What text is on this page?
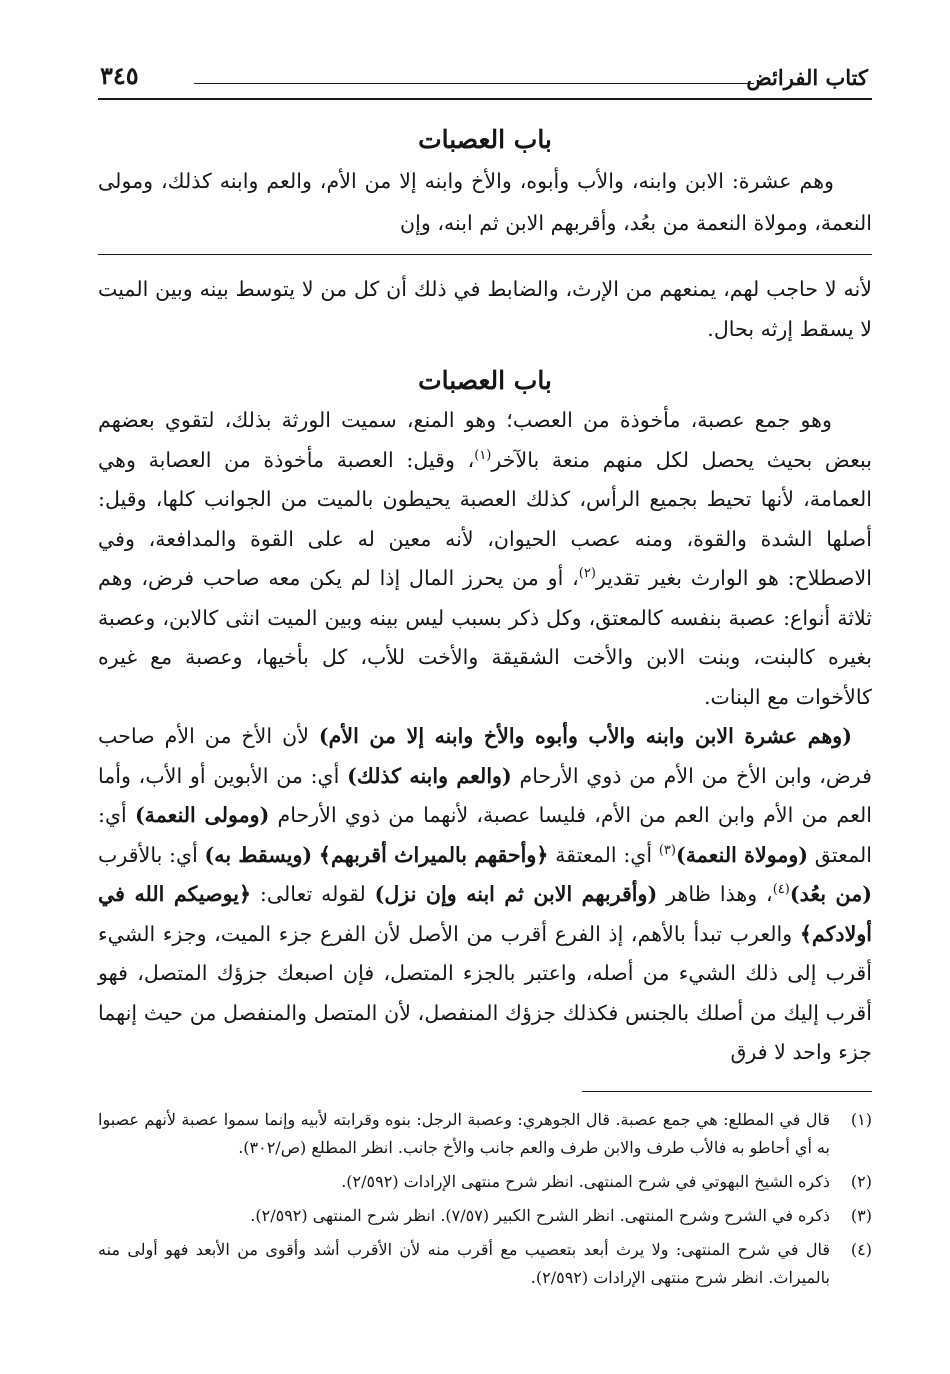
كتاب الفرائض
٣٤٥
باب العصبات

وهم عشرة: الابن وابنه، والأب وأبوه، والأخ وابنه إلا من الأم، والعم وابنه كذلك، ومولى النعمة، ومولاة النعمة من بعُد، وأقربهم الابن ثم ابنه، وإن

لأنه لا حاجب لهم، يمنعهم من الإرث، والضابط في ذلك أن كل من لا يتوسط بينه وبين الميت لا يسقط إرثه بحال.

باب العصبات

وهو جمع عصبة، مأخوذة من العصب؛ وهو المنع، سميت الورثة بذلك، لتقوي بعضهم ببعض بحيث يحصل لكل منهم منعة بالآخر$^{(١)}$، وقيل: العصبة مأخوذة من العصابة وهي العمامة، لأنها تحيط بجميع الرأس، كذلك العصبة يحيطون بالميت من الجوانب كلها، وقيل: أصلها الشدة والقوة، ومنه عصب الحيوان، لأنه معين له على القوة والمدافعة، وفي الاصطلاح: هو الوارث بغير تقدير$^{(٢)}$، أو من يحرز المال إذا لم يكن معه صاحب فرض، وهم ثلاثة أنواع: عصبة بنفسه كالمعتق، وكل ذكر بسبب ليس بينه وبين الميت انثى كالابن، وعصبة بغيره كالبنت، وبنت الابن والأخت الشقيقة والأخت للأب، كل بأخيها، وعصبة مع غيره كالأخوات مع البنات.

(وهم عشرة الابن وابنه والأب وأبوه والأخ وابنه إلا من الأم) لأن الأخ من الأم صاحب فرض، وابن الأخ من الأم من ذوي الأرحام (والعم وابنه كذلك) أي: من الأبوين أو الأب، وأما العم من الأم وابن العم من الأم، فليسا عصبة، لأنهما من ذوي الأرحام (ومولى النعمة) أي: المعتق (ومولاة النعمة)$^{(٣)}$ أي: المعتقة ﴿وأحقهم بالميراث أقربهم﴾ (ويسقط به) أي: بالأقرب (من بعُد)$^{(٤)}$، وهذا ظاهر (وأقربهم الابن ثم ابنه وإن نزل) لقوله تعالى: ﴿يوصيكم الله في أولادكم﴾ والعرب تبدأ بالأهم، إذ الفرع أقرب من الأصل لأن الفرع جزء الميت، وجزء الشيء أقرب إلى ذلك الشيء من أصله، واعتبر بالجزء المتصل، فإن اصبعك جزؤك المتصل، فهو أقرب إليك من أصلك بالجنس فكذلك جزؤك المنفصل، لأن المتصل والمنفصل من حيث إنهما جزء واحد لا فرق

(١)
قال في المطلع: هي جمع عصبة. قال الجوهري: وعصبة الرجل: بنوه وقرابته لأبيه وإنما سموا عصبة لأنهم عصبوا به أي أحاطو به فالأب طرف والابن طرف والعم جانب والأخ جانب. انظر المطلع (ص/٣٠٢).
(٢)
ذكره الشيخ البهوتي في شرح المنتهى. انظر شرح منتهى الإرادات (٢/٥٩٢).
(٣)
ذكره في الشرح وشرح المنتهى. انظر الشرح الكبير (٧/٥٧). انظر شرح المنتهى (٢/٥٩٢).
(٤)
قال في شرح المنتهى: ولا يرث أبعد بتعصيب مع أقرب منه لأن الأقرب أشد وأقوى من الأبعد فهو أولى منه بالميراث. انظر شرح منتهى الإرادات (٢/٥٩٢).
